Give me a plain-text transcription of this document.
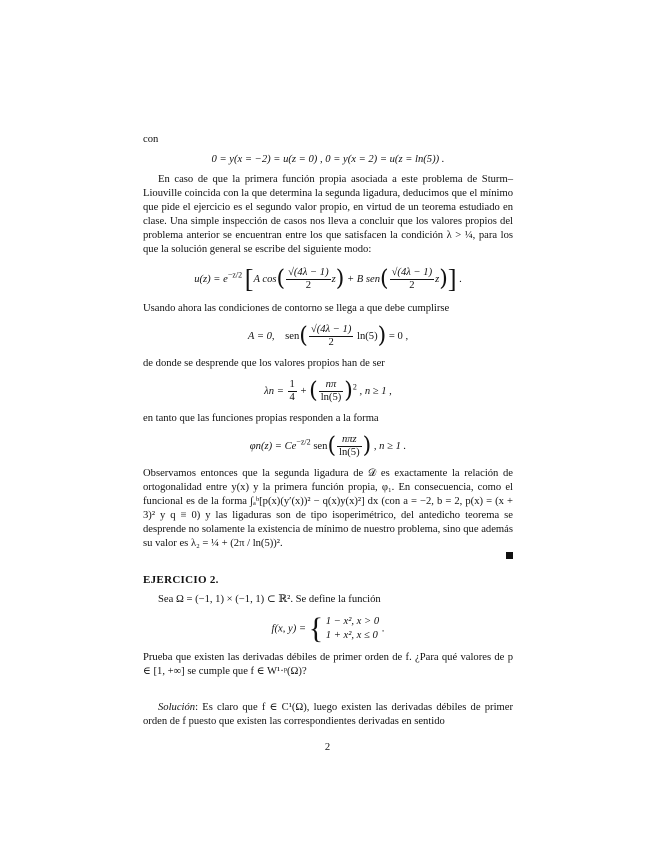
con

0 = y(x = −2) = u(z = 0) , 0 = y(x = 2) = u(z = ln(5)) .

En caso de que la primera función propia asociada a este problema de Sturm–Liouville coincida con la que determina la segunda ligadura, deducimos que el mínimo que pide el ejercicio es el segundo valor propio, en virtud de un teorema estudiado en clase. Una simple inspección de casos nos lleva a concluir que los valores propios del problema anterior se encuentran entre los que satisfacen la condición λ > ¼, para los que la solución general se escribe del siguiente modo:

$u(z) = e^{-z/2}$ [A $\cos( \frac{√(4\lambda - 1)}{2} z) + B$ $sen( \frac{√(4\lambda - 1)}{2} z)$] .

Usando ahora las condiciones de contorno se llega a que debe cumplirse

A = 0, $sen( \frac{√(4\lambda - 1)}{2} \ln(5)) = 0$ ,

de donde se desprende que los valores propios han de ser

$\lambda n = \frac{1}{4}$ + ( $\frac{n\pi}{\ln(5)} )^2$ , n ≥ 1 ,

en tanto que las funciones propias responden a la forma

$\varphi n(z) = Ce^{-z/2}$ $sen( \frac{\text{nπz}}{\ln(5)}$ ) , n ≥ 1 .

Observamos entonces que la segunda ligadura de 𝒟 es exactamente la relación de ortogonalidad entre y(x) y la primera función propia, φ₁. En consecuencia, como el funcional es de la forma ∫ₐᵇ[p(x)(y′(x))² − q(x)y(x)²] dx (con a = −2, b = 2, p(x) = (x + 3)² y q ≡ 0) y las ligaduras son de tipo isoperimétrico, del antedicho teorema se desprende no solamente la existencia de mínimo de nuestro problema, sino que además su valor es λ₂ = ¼ + (2π / ln(5))².

EJERCICIO 2.

Sea Ω = (−1, 1) × (−1, 1) ⊂ ℝ². Se define la función

f(x, y) = { 1 − x², x > 0
1 + x², x ≤ 0
.

Prueba que existen las derivadas débiles de primer orden de f. ¿Para qué valores de p ∈ [1, +∞] se cumple que f ∈ W¹·ᵖ(Ω)?

Solución: Es claro que f ∈ C¹(Ω), luego existen las derivadas débiles de primer orden de f puesto que existen las correspondientes derivadas en sentido

2
